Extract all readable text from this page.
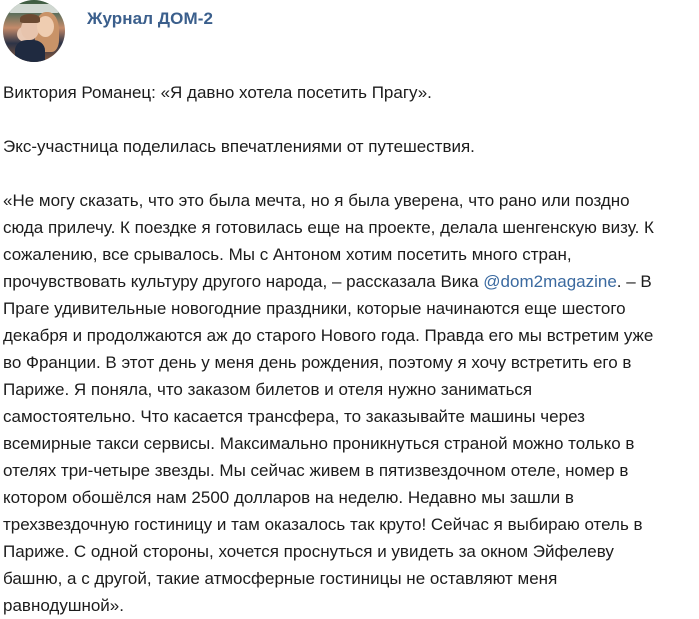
Журнал ДОМ-2

Виктория Романец: «Я давно хотела посетить Прагу».

Экс-участница поделилась впечатлениями от путешествия.

«Не могу сказать, что это была мечта, но я была уверена, что рано или поздно
сюда прилечу. К поездке я готовилась еще на проекте, делала шенгенскую визу. К
сожалению, все срывалось. Мы с Антоном хотим посетить много стран,
прочувствовать культуру другого народа, – рассказала Вика @dom2magazine. – В
Праге удивительные новогодние праздники, которые начинаются еще шестого
декабря и продолжаются аж до старого Нового года. Правда его мы встретим уже
во Франции. В этот день у меня день рождения, поэтому я хочу встретить его в
Париже. Я поняла, что заказом билетов и отеля нужно заниматься
самостоятельно. Что касается трансфера, то заказывайте машины через
всемирные такси сервисы. Максимально проникнуться страной можно только в
отелях три-четыре звезды. Мы сейчас живем в пятизвездочном отеле, номер в
котором обошёлся нам 2500 долларов на неделю. Недавно мы зашли в
трехзвездочную гостиницу и там оказалось так круто! Сейчас я выбираю отель в
Париже. С одной стороны, хочется проснуться и увидеть за окном Эйфелеву
башню, а с другой, такие атмосферные гостиницы не оставляют меня
равнодушной».
